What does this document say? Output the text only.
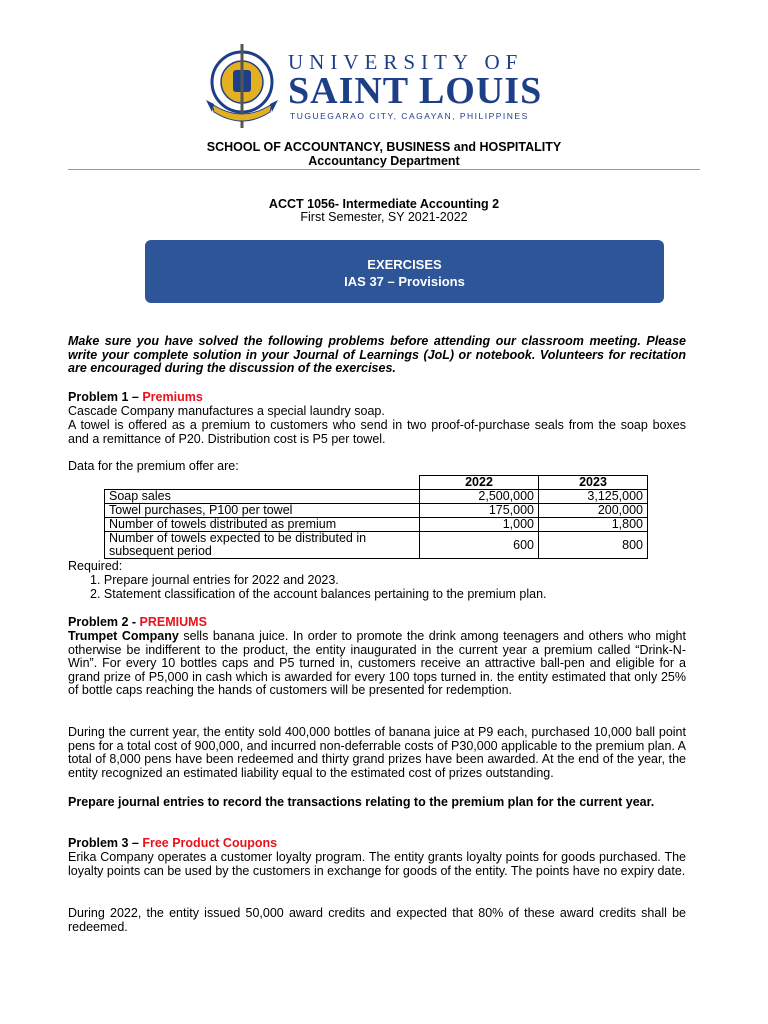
UNIVERSITY OF
SAINT LOUIS
TUGUEGARAO CITY, CAGAYAN, PHILIPPINES
SCHOOL OF ACCOUNTANCY, BUSINESS and HOSPITALITY
Accountancy Department
ACCT 1056- Intermediate Accounting 2
First Semester, SY 2021-2022
EXERCISES
IAS 37 – Provisions
Make sure you have solved the following problems before attending our classroom meeting. Please write your complete solution in your Journal of Learnings (JoL) or notebook. Volunteers for recitation are encouraged during the discussion of the exercises.
Problem 1 – Premiums
Cascade Company manufactures a special laundry soap.
A towel is offered as a premium to customers who send in two proof-of-purchase seals from the soap boxes and a remittance of P20. Distribution cost is P5 per towel.
Data for the premium offer are:
	2022	2023
Soap sales	2,500,000	3,125,000
Towel purchases, P100 per towel	175,000	200,000
Number of towels distributed as premium	1,000	1,800
Number of towels expected to be distributed in subsequent period	600	800
Required:
1. Prepare journal entries for 2022 and 2023.
2. Statement classification of the account balances pertaining to the premium plan.
Problem 2 - PREMIUMS
Trumpet Company sells banana juice. In order to promote the drink among teenagers and others who might otherwise be indifferent to the product, the entity inaugurated in the current year a premium called “Drink-N-Win”. For every 10 bottles caps and P5 turned in, customers receive an attractive ball-pen and eligible for a grand prize of P5,000 in cash which is awarded for every 100 tops turned in. the entity estimated that only 25% of bottle caps reaching the hands of customers will be presented for redemption.
During the current year, the entity sold 400,000 bottles of banana juice at P9 each, purchased 10,000 ball point pens for a total cost of 900,000, and incurred non-deferrable costs of P30,000 applicable to the premium plan. A total of 8,000 pens have been redeemed and thirty grand prizes have been awarded. At the end of the year, the entity recognized an estimated liability equal to the estimated cost of prizes outstanding.
Prepare journal entries to record the transactions relating to the premium plan for the current year.
Problem 3 – Free Product Coupons
Erika Company operates a customer loyalty program. The entity grants loyalty points for goods purchased. The loyalty points can be used by the customers in exchange for goods of the entity. The points have no expiry date.
During 2022, the entity issued 50,000 award credits and expected that 80% of these award credits shall be redeemed.
